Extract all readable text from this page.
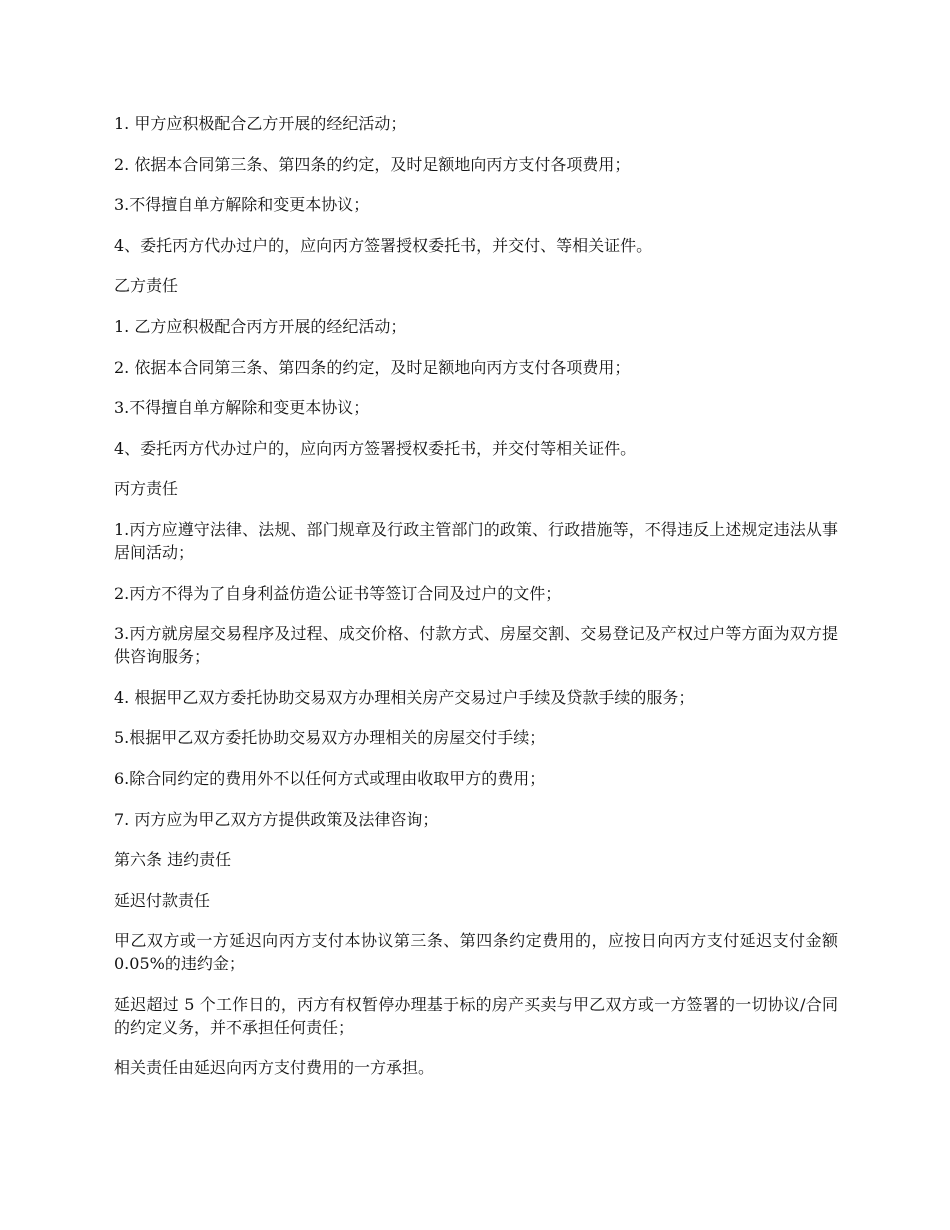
1. 甲方应积极配合乙方开展的经纪活动；

2. 依据本合同第三条、第四条的约定，及时足额地向丙方支付各项费用；

3.不得擅自单方解除和变更本协议；

4、委托丙方代办过户的，应向丙方签署授权委托书，并交付、等相关证件。

乙方责任

1. 乙方应积极配合丙方开展的经纪活动；

2. 依据本合同第三条、第四条的约定，及时足额地向丙方支付各项费用；

3.不得擅自单方解除和变更本协议；

4、委托丙方代办过户的，应向丙方签署授权委托书，并交付等相关证件。

丙方责任

1.丙方应遵守法律、法规、部门规章及行政主管部门的政策、行政措施等，不得违反上述规定违法从事居间活动；

2.丙方不得为了自身利益仿造公证书等签订合同及过户的文件；

3.丙方就房屋交易程序及过程、成交价格、付款方式、房屋交割、交易登记及产权过户等方面为双方提供咨询服务；

4. 根据甲乙双方委托协助交易双方办理相关房产交易过户手续及贷款手续的服务；

5.根据甲乙双方委托协助交易双方办理相关的房屋交付手续；

6.除合同约定的费用外不以任何方式或理由收取甲方的费用；

7. 丙方应为甲乙双方方提供政策及法律咨询；

第六条 违约责任

延迟付款责任

甲乙双方或一方延迟向丙方支付本协议第三条、第四条约定费用的，应按日向丙方支付延迟支付金额 0.05%的违约金；

延迟超过 5 个工作日的，丙方有权暂停办理基于标的房产买卖与甲乙双方或一方签署的一切协议/合同的约定义务，并不承担任何责任；

相关责任由延迟向丙方支付费用的一方承担。
